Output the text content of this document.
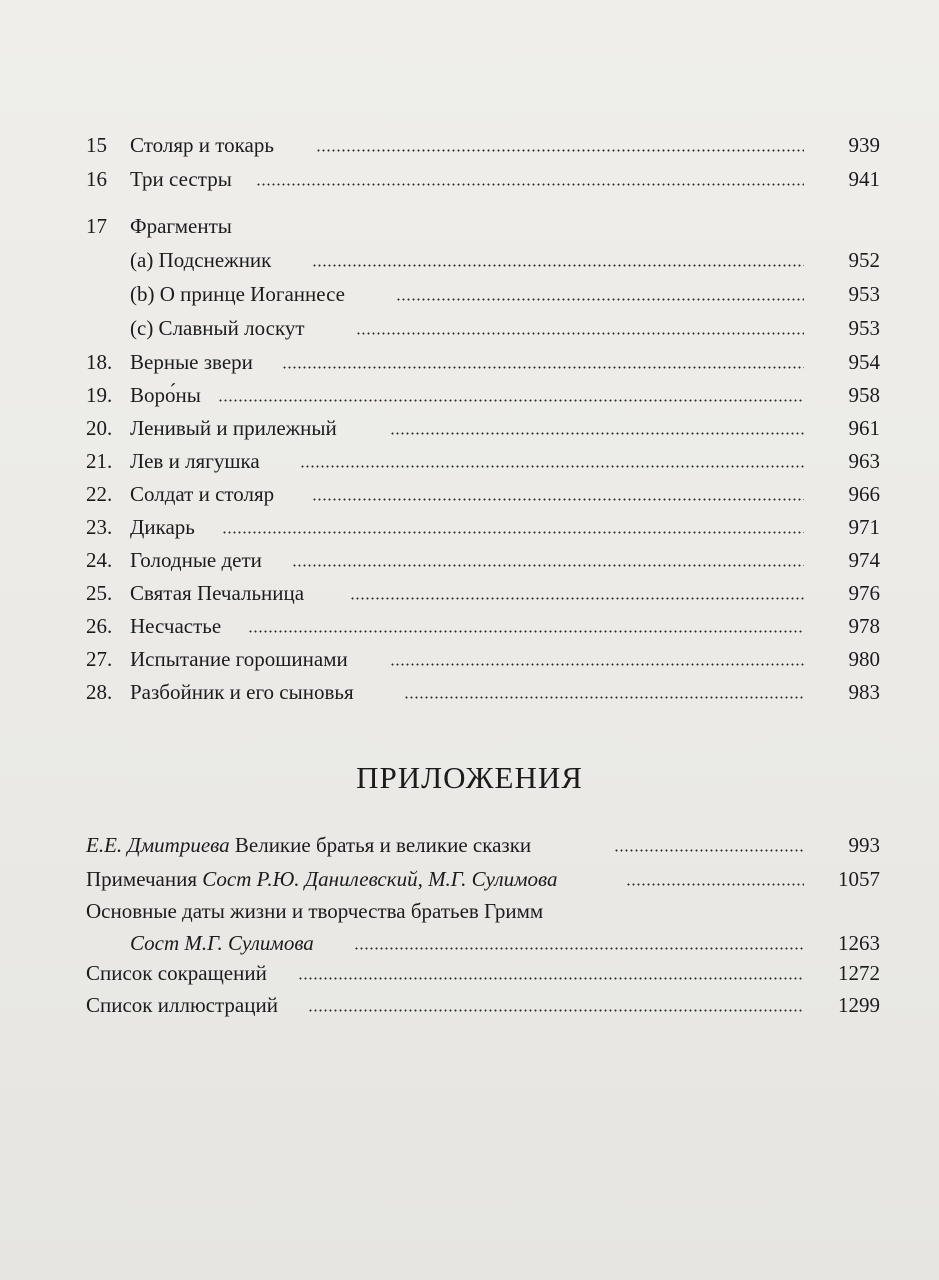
15 Столяр и токарь	939
16 Три сестры	941
17 Фрагменты
(a) Подснежник	952
(b) О принце Иоганнесе	953
(c) Славный лоскут	953
18. Верные звери	954
19. Воро́ны	958
20. Ленивый и прилежный	961
21. Лев и лягушка	963
22. Солдат и столяр	966
23. Дикарь	971
24. Голодные дети	974
25. Святая Печальница	976
26. Несчастье	978
27. Испытание горошинами	980
28. Разбойник и его сыновья	983
ПРИЛОЖЕНИЯ
Е.Е. Дмитриева Великие братья и великие сказки	993
Примечания Сост Р.Ю. Данилевский, М.Г. Сулимова	1057
Основные даты жизни и творчества братьев Гримм
Сост М.Г. Сулимова	1263
Список сокращений	1272
Список иллюстраций	1299
